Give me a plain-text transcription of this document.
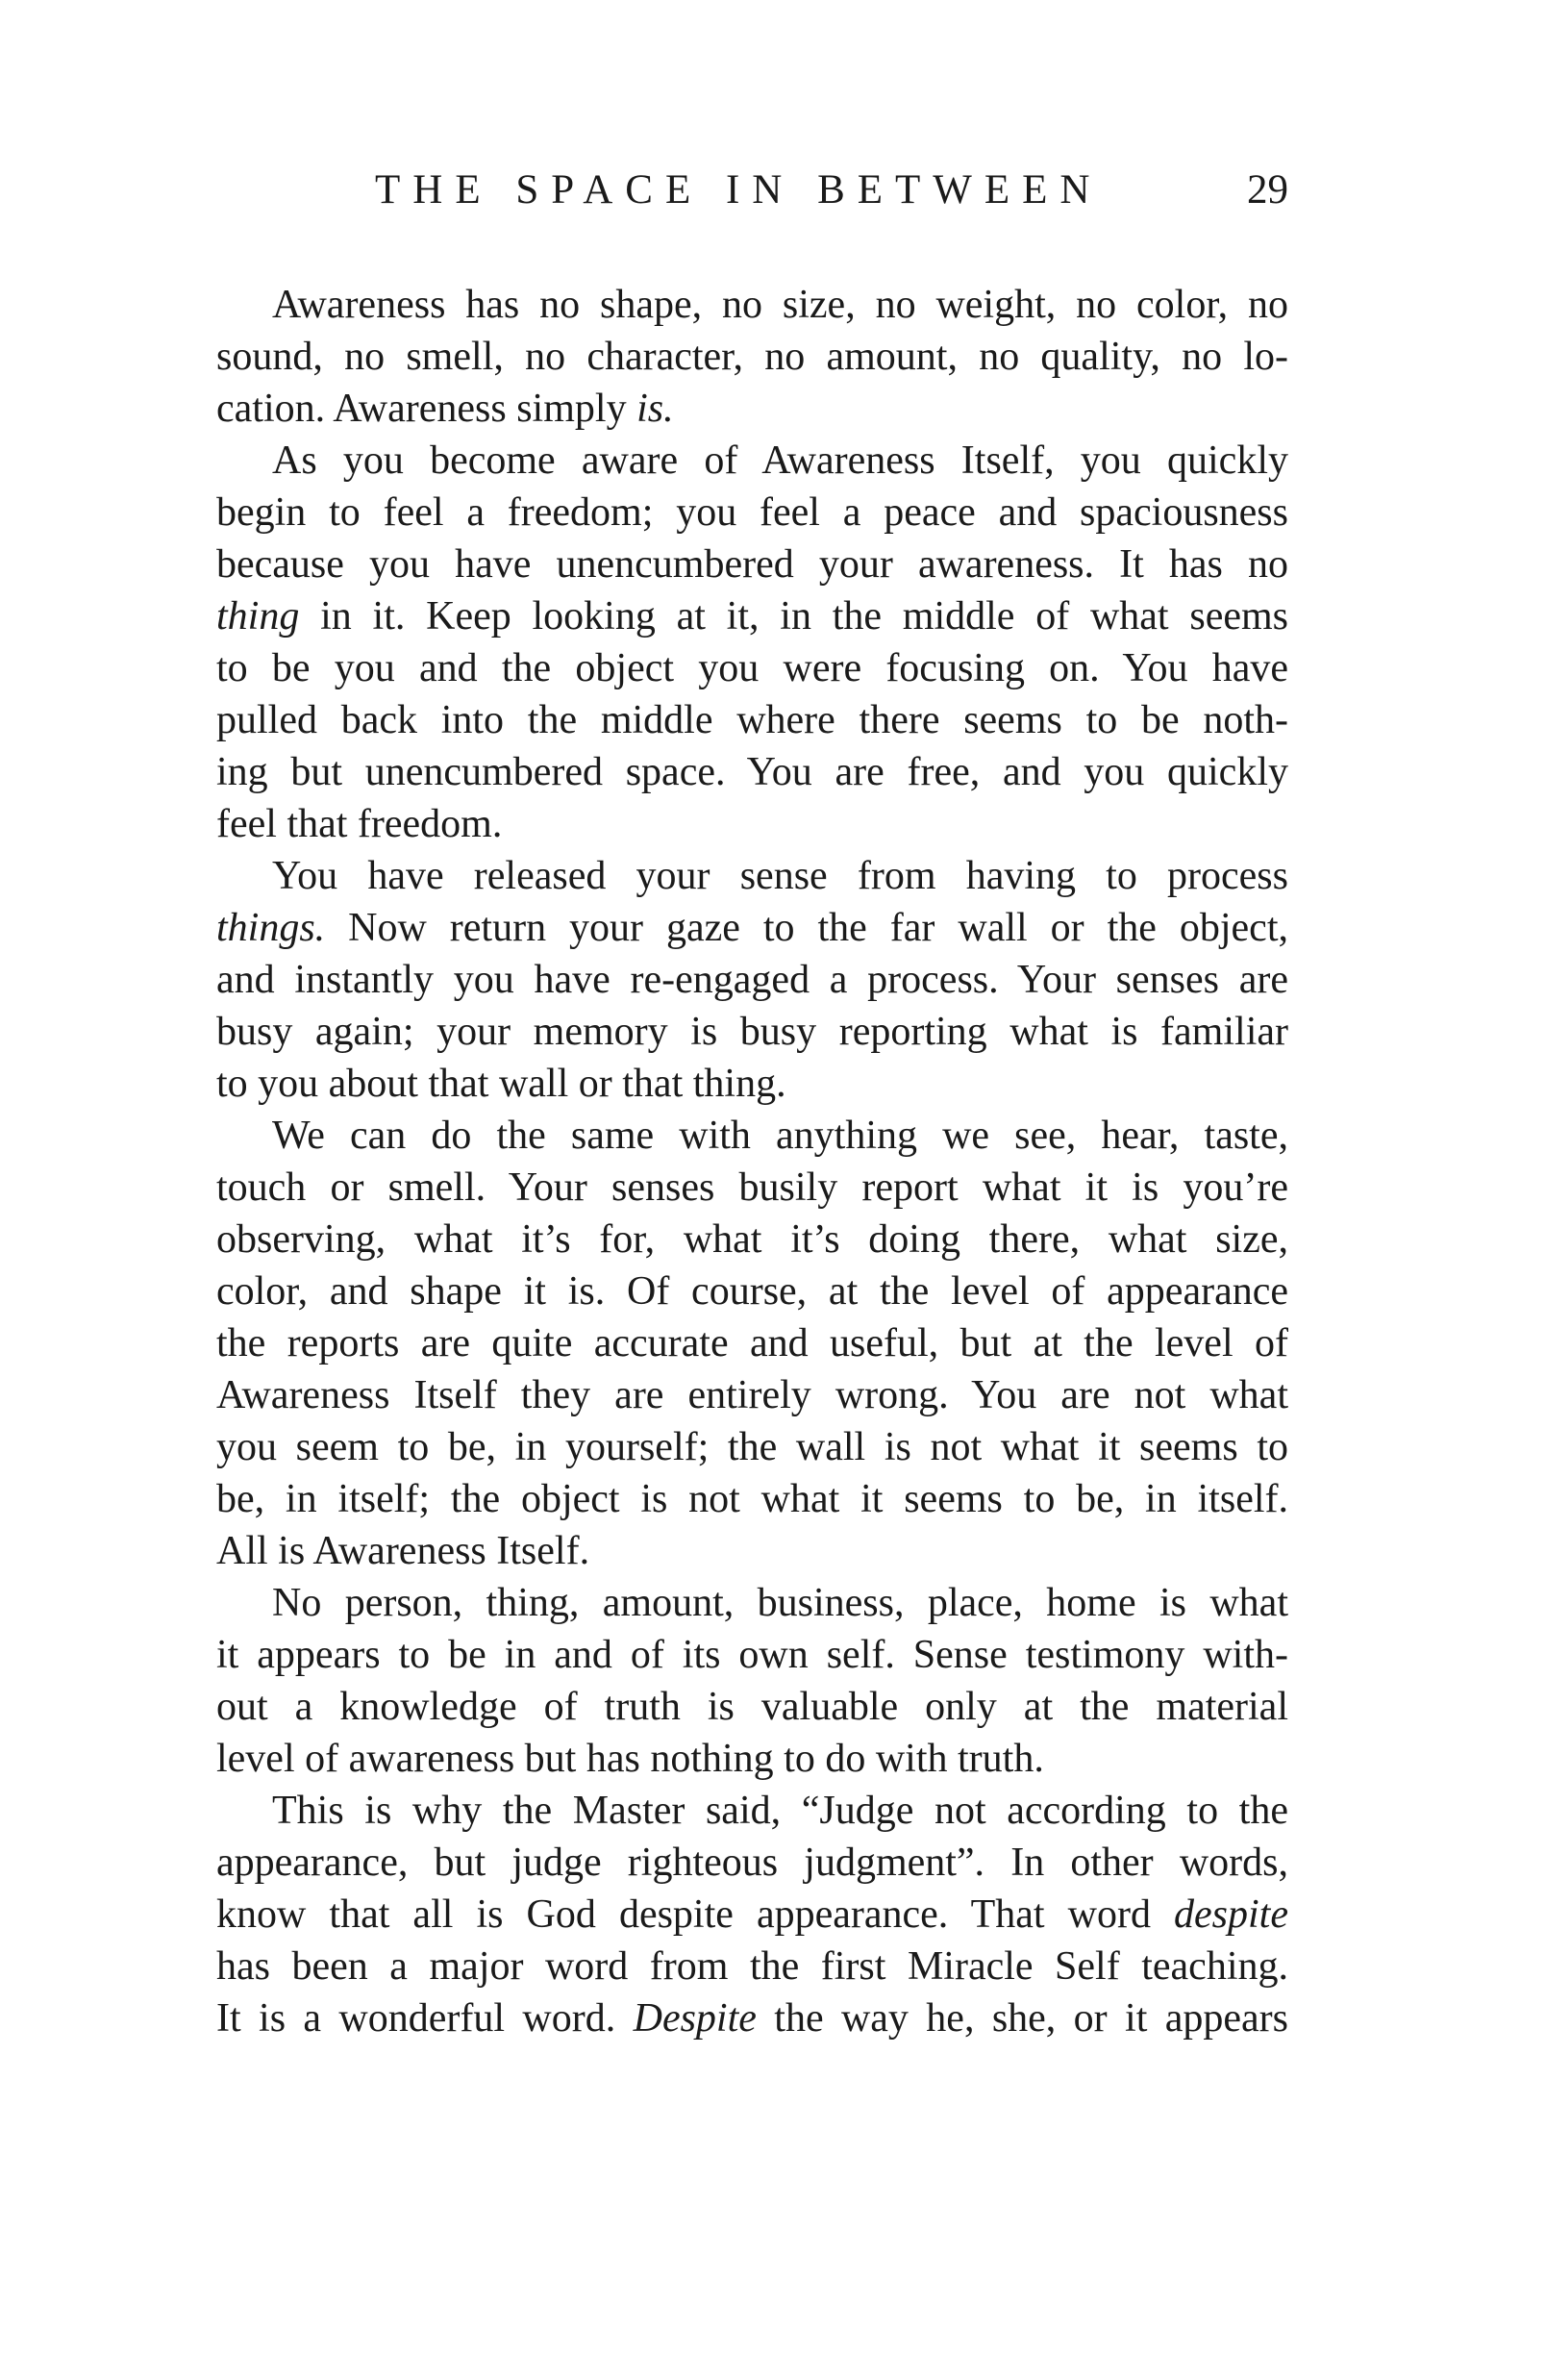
THE SPACE IN BETWEEN	29
Awareness has no shape, no size, no weight, no color, no
sound, no smell, no character, no amount, no quality, no lo-
cation. Awareness simply is.
As you become aware of Awareness Itself, you quickly
begin to feel a freedom; you feel a peace and spaciousness
because you have unencumbered your awareness. It has no
thing in it. Keep looking at it, in the middle of what seems
to be you and the object you were focusing on. You have
pulled back into the middle where there seems to be noth-
ing but unencumbered space. You are free, and you quickly
feel that freedom.
You have released your sense from having to process
things. Now return your gaze to the far wall or the object,
and instantly you have re-engaged a process. Your senses are
busy again; your memory is busy reporting what is familiar
to you about that wall or that thing.
We can do the same with anything we see, hear, taste,
touch or smell. Your senses busily report what it is you’re
observing, what it’s for, what it’s doing there, what size,
color, and shape it is. Of course, at the level of appearance
the reports are quite accurate and useful, but at the level of
Awareness Itself they are entirely wrong. You are not what
you seem to be, in yourself; the wall is not what it seems to
be, in itself; the object is not what it seems to be, in itself.
All is Awareness Itself.
No person, thing, amount, business, place, home is what
it appears to be in and of its own self. Sense testimony with-
out a knowledge of truth is valuable only at the material
level of awareness but has nothing to do with truth.
This is why the Master said, “Judge not according to the
appearance, but judge righteous judgment”. In other words,
know that all is God despite appearance. That word despite
has been a major word from the first Miracle Self teaching.
It is a wonderful word. Despite the way he, she, or it appears
